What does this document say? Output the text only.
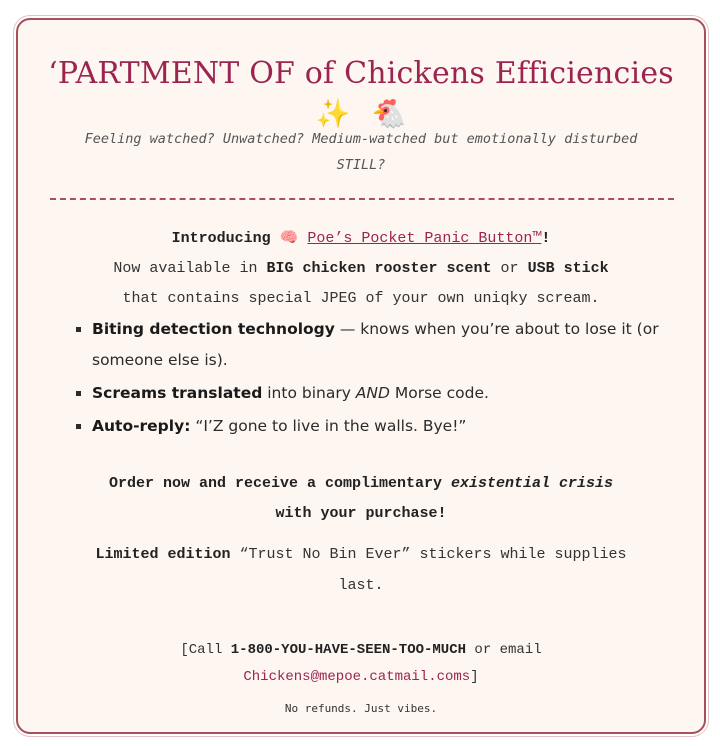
‘PARTMENT OF of Chickens Efficiencies
✨ 🐔
Feeling watched? Unwatched? Medium-watched but emotionally disturbed STILL?
Introducing 🧠 Poe’s Pocket Panic Button™!
Now available in BIG chicken rooster scent or USB stick
that contains special JPEG of your own uniqky scream.
▪ Biting detection technology — knows when you’re about to lose it (or someone else is).
▪ Screams translated into binary AND Morse code.
▪ Auto-reply: “I’Z gone to live in the walls. Bye!”
Order now and receive a complimentary existential crisis
with your purchase!
Limited edition “Trust No Bin Ever” stickers while supplies last.
[Call 1-800-YOU-HAVE-SEEN-TOO-MUCH or email
Chickens@mepoe.catmail.coms]
No refunds. Just vibes.
